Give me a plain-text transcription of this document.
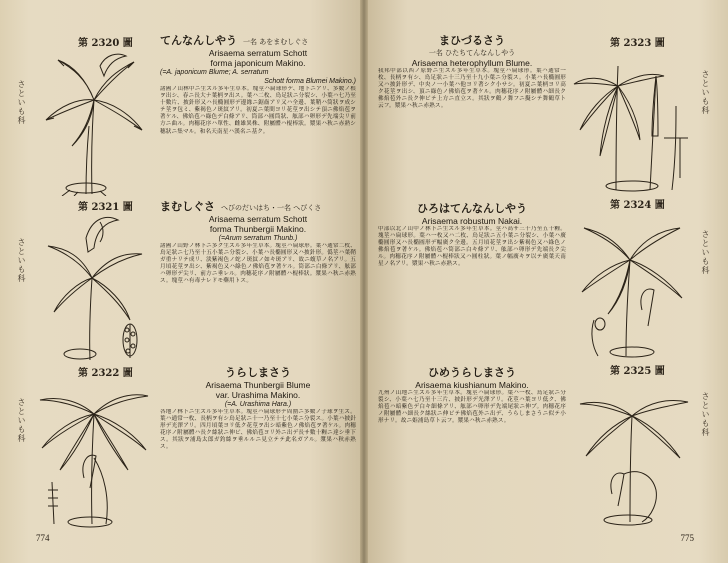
第 2320 圖
さといも科
てんなんしやう 一名 あをまむしぐさ
Arisaema serratum Schott
forma japonicum Makino.
(=A. japonicum Blume; A. serratum
Schott forma Blumei Makino.)
諸國ノ山林中ニ生ズル多年生草本。塊莖ハ扁球形デ、地下ニアリ、多數ノ根ヲ出シ、春ニ長大ナ葉柄ヲ出ス。葉ハ二枚、鳥足狀ニ分裂シ、小葉ハ七乃至十數片、披針形又ハ長橢圓形デ邊緣ニ鋸齒アリ又ハ全邊、葉鞘ハ筒狀ヲ成シテ莖ヲ包ミ、紫褐色ノ斑紋アリ。初夏ニ葉間ヨリ花莖ヲ出シテ頂ニ佛焰苞ヲ著ケル、佛焰苞ハ綠色デ白條アリ、筒部ハ圓筒狀、舷部ハ卵形デ先端尖リ前方ニ曲ル。肉穗花序ハ單性、雌雄異株、附屬體ハ棍棒狀。漿果ハ秋ニ赤熟シ穗狀ニ集マル。和名天南星ハ漢名ニ基ク。
第 2321 圖
さといも科
まむしぐさ へびのだいはち・一名 へびくさ
Arisaema serratum Schott
forma Thunbergii Makino.
(=Arum serratum Thunb.)
諸國ノ山野ノ林下ニ多ク生ズル多年生草本。塊莖ハ扁球形。葉ハ通常二枚、鳥足狀ニ七乃至十五小葉ニ分裂シ、小葉ハ長橢圓形又ハ披針形。僞莖ハ葉鞘ガ重ナリテ成リ、淡紫褐色ノ蛇ノ斑紋ノ如キ斑アリ、故ニ蝮草ノ名アリ。五月頃花莖ヲ出シ、紫褐色又ハ綠色ノ佛焰苞ヲ著ケル。筒部ニ白條アリ、舷部ハ卵形デ尖リ、前方ニ垂レル。肉穗花序ノ附屬體ハ棍棒狀。漿果ハ秋ニ赤熟ス。塊莖ハ有毒ナレドモ藥用トス。
第 2322 圖
さといも科
うらしまさう
Arisaema Thunbergii Blume
var. Urashima Makino.
(=A. Urashima Hara.)
各地ノ林下ニ生ズル多年生草本。塊莖ハ扁球形デ周圍ニ多數ノ子球ヲ生ズ。葉ハ通常一枚、長柄ヲ有シ鳥足狀ニ十一乃至十七小葉ニ分裂ス。小葉ハ披針形デ光澤アリ。四月頃葉ヨリ低ク花莖ヲ出シ暗紫色ノ佛焰苞ヲ著ケル。肉穗花序ノ附屬體ハ長ク絲狀ニ伸ビ、佛焰苞ヨリ外ニ出デ長サ數十糎ニ達シ垂下ス。其狀ヲ浦島太郎ガ釣絲ヲ垂ルルニ見立テテ此名ガアル。漿果ハ秋赤熟ス。
774
第 2323 圖
さといも科
まひづるさう
一名 ひたちてんなんしやう
Arisaema heterophyllum Blume.
我邦中部以西ノ原野ニ生ズル多年生草本。塊莖ハ扁球形。葉ハ通常一枚、長柄ヲ有シ、鳥足狀ニ十三乃至十九小葉ニ分裂ス。小葉ハ長橢圓形又ハ披針形デ、中央ノ一小葉ハ他ヨリ著シク小サシ。初夏ニ葉柄ヨリ高ク花莖ヲ出シ、頂ニ綠色ノ佛焰苞ヲ著ケル。肉穗花序ノ附屬體ハ細長ク佛焰苞外ニ長ク伸ビテ上方ニ直立ス。其狀ヲ鶴ノ舞フニ擬シテ舞鶴草ト云フ。漿果ハ秋ニ赤熟ス。
第 2324 圖
さといも科
ひろはてんなんしやう
Arisaema robustum Nakai.
中部以北ノ山中ノ林下ニ生ズル多年生草本。莖ハ高サ三十乃至五十糎。塊莖ハ扁球形。葉ハ一枚又ハ二枚、鳥足狀ニ五小葉ニ分裂シ、小葉ハ廣橢圓形又ハ長橢圓形デ幅廣ク全邊。五月頃花莖ヲ出シ紫褐色又ハ綠色ノ佛焰苞ヲ著ケル。佛焰苞ハ筒部ニ白キ條アリ、舷部ハ卵形デ先端長ク尖ル。肉穗花序ノ附屬體ハ棍棒狀又ハ圓柱狀。葉ノ幅廣キヲ以テ廣葉天南星ノ名アリ。漿果ハ秋ニ赤熟ス。
第 2325 圖
さといも科
ひめうらしまさう
Arisaema kiushianum Makino.
九州ノ山地ニ生ズル多年生草本。塊莖ハ扁球形。葉ハ一枚、鳥足狀ニ分裂シ、小葉ハ七乃至十三片、披針形デ光澤アリ。花莖ハ葉ヨリ低ク、佛焰苞ハ暗紫色デ白キ細條アリ、舷部ハ卵形デ先端尾狀ニ伸ブ。肉穗花序ノ附屬體ハ細長ク絲狀ニ伸ビテ佛焰苞外ニ出デ、うらしまさうニ似テ小形ナリ。故ニ姫浦島草ト云フ。漿果ハ秋ニ赤熟ス。
775
